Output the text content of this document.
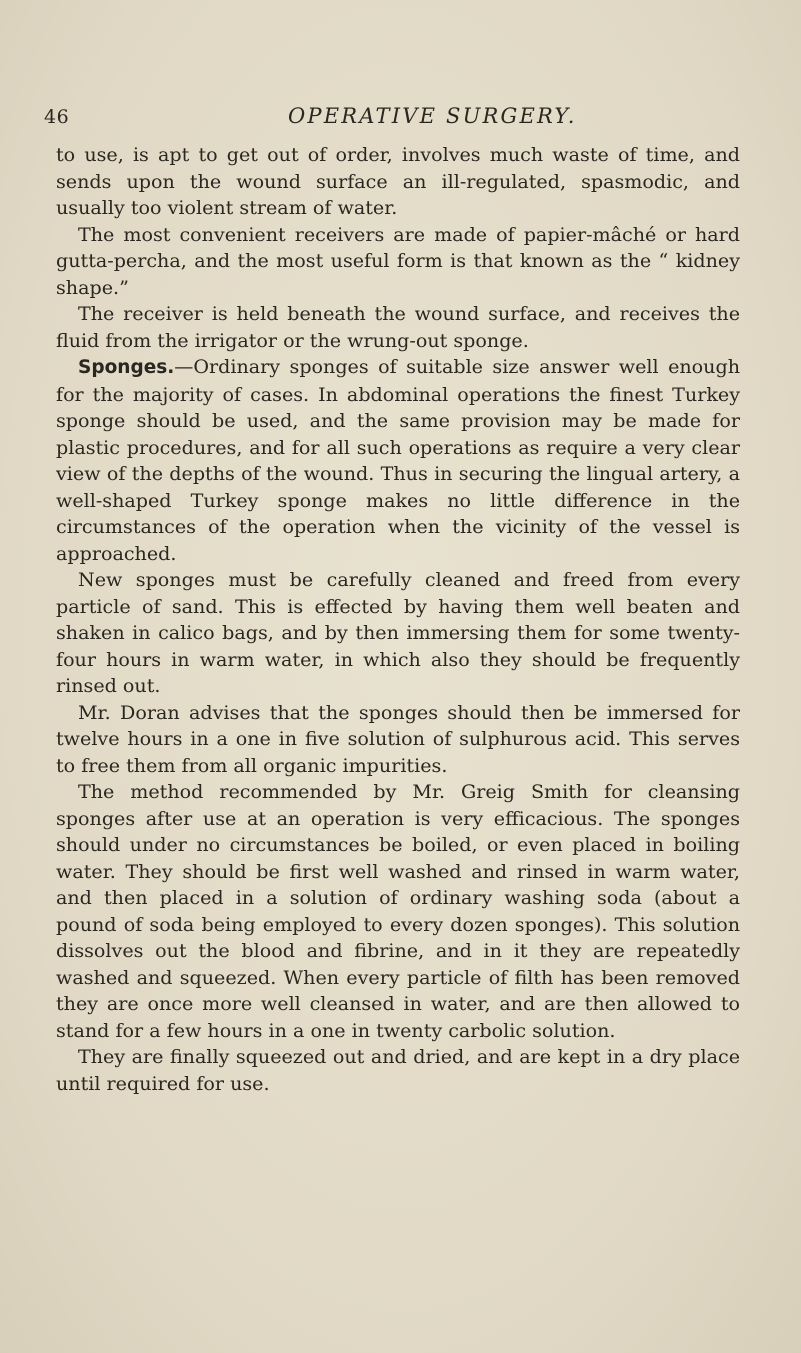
46	OPERATIVE SURGERY.

to use, is apt to get out of order, involves much waste of time, and sends upon the wound surface an ill-regulated, spasmodic, and usually too violent stream of water.

The most convenient receivers are made of papier-mâché or hard gutta-percha, and the most useful form is that known as the “ kidney shape.”

The receiver is held beneath the wound surface, and receives the fluid from the irrigator or the wrung-out sponge.

Sponges.—Ordinary sponges of suitable size answer well enough for the majority of cases. In abdominal operations the finest Turkey sponge should be used, and the same provision may be made for plastic procedures, and for all such operations as require a very clear view of the depths of the wound. Thus in securing the lingual artery, a well-shaped Turkey sponge makes no little difference in the circumstances of the operation when the vicinity of the vessel is approached.

New sponges must be carefully cleaned and freed from every particle of sand. This is effected by having them well beaten and shaken in calico bags, and by then immersing them for some twenty-four hours in warm water, in which also they should be frequently rinsed out.

Mr. Doran advises that the sponges should then be immersed for twelve hours in a one in five solution of sulphurous acid. This serves to free them from all organic impurities.

The method recommended by Mr. Greig Smith for cleansing sponges after use at an operation is very efficacious. The sponges should under no circumstances be boiled, or even placed in boiling water. They should be first well washed and rinsed in warm water, and then placed in a solution of ordinary washing soda (about a pound of soda being employed to every dozen sponges). This solution dissolves out the blood and fibrine, and in it they are repeatedly washed and squeezed. When every particle of filth has been removed they are once more well cleansed in water, and are then allowed to stand for a few hours in a one in twenty carbolic solution.

They are finally squeezed out and dried, and are kept in a dry place until required for use.
